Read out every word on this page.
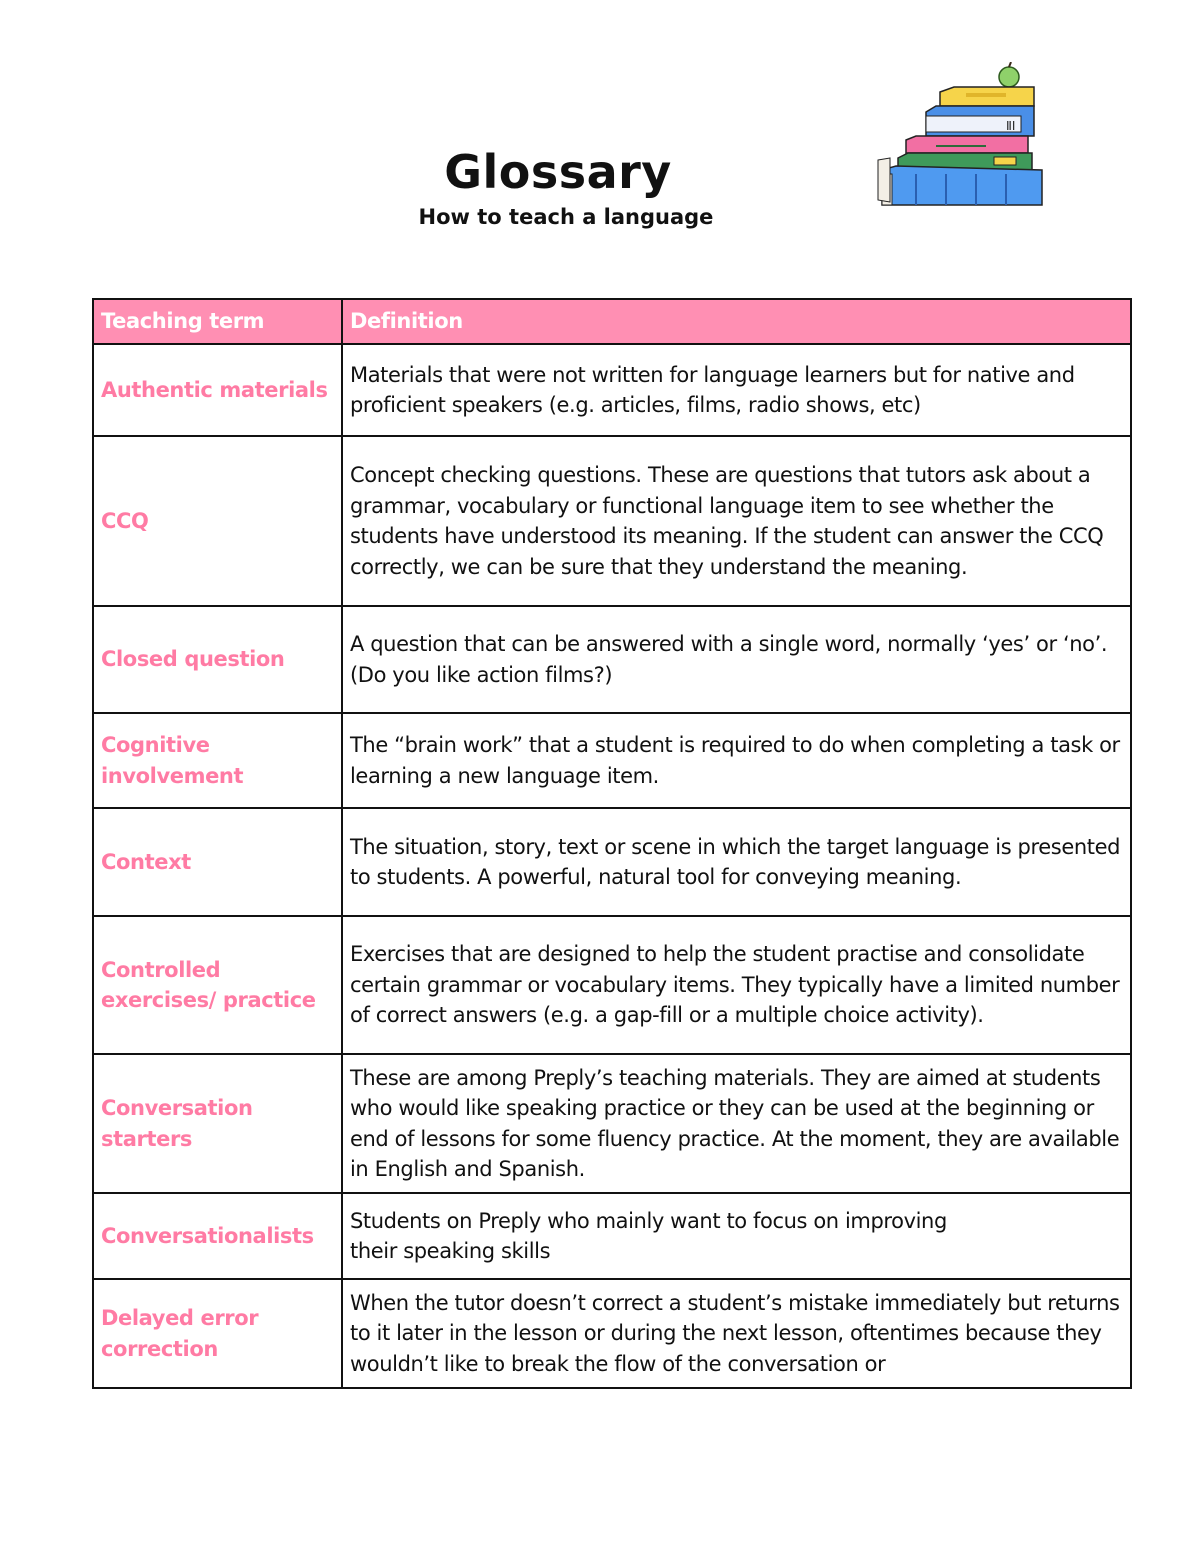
Glossary
How to teach a language
ⅡⅠ
Teaching term	Definition
Authentic materials	Materials that were not written for language learners but for native and proficient speakers (e.g. articles, films, radio shows, etc)

CCQ	Concept checking questions. These are questions that tutors ask about a grammar, vocabulary or functional language item to see whether the students have understood its meaning. If the student can answer the CCQ correctly, we can be sure that they understand the meaning.

Closed question	A question that can be answered with a single word, normally ‘yes’ or ‘no’.
(Do you like action films?)

Cognitive involvement	The “brain work” that a student is required to do when completing a task or learning a new language item.

Context	The situation, story, text or scene in which the target language is presented to students. A powerful, natural tool for conveying meaning.

Controlled exercises/ practice	Exercises that are designed to help the student practise and consolidate certain grammar or vocabulary items. They typically have a limited number of correct answers (e.g. a gap-fill or a multiple choice activity).

Conversation starters	These are among Preply’s teaching materials. They are aimed at students who would like speaking practice or they can be used at the beginning or end of lessons for some fluency practice. At the moment, they are available in English and Spanish.

Conversationalists	Students on Preply who mainly want to focus on improving
their speaking skills

Delayed error correction	When the tutor doesn’t correct a student’s mistake immediately but returns to it later in the lesson or during the next lesson, oftentimes because they wouldn’t like to break the flow of the conversation or
